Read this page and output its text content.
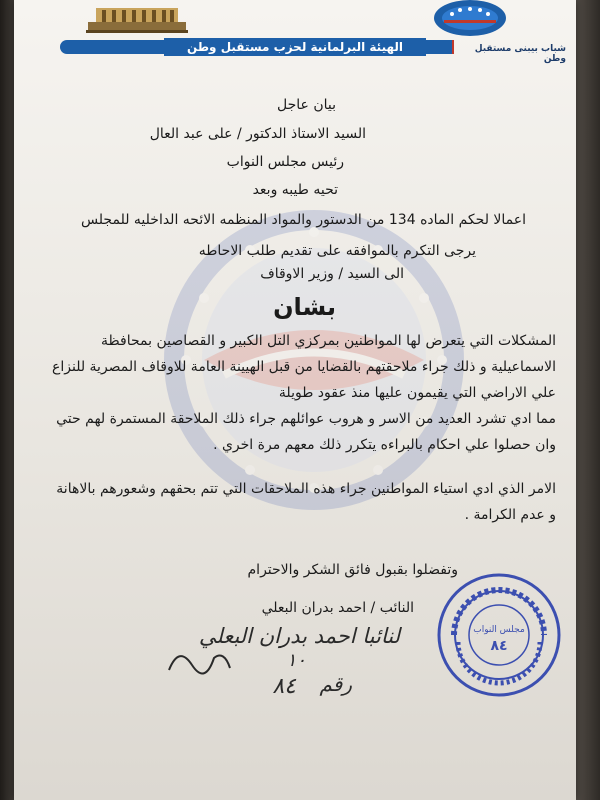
الهيئة البرلمانية لحزب مستقبل وطن	شباب بيبنى مستقبل وطن
بيان عاجل
السيد الاستاذ الدكتور / على عبد العال
رئيس مجلس النواب
تحيه طيبه وبعد
اعمالا لحكم الماده 134 من الدستور والمواد المنظمه الائحه الداخليه للمجلس
يرجى التكرم بالموافقه على تقديم طلب الاحاطه
الى السيد / وزير الاوقاف
بشان
المشكلات التي يتعرض لها المواطنين بمركزي التل الكبير و القصاصين بمحافظة الاسماعيلية و ذلك جراء ملاحقتهم بالقضايا من قبل الهيينة العامة للاوقاف المصرية للنزاع علي الاراضي التي يقيمون عليها منذ عقود طويلة
مما ادي تشرد العديد من الاسر و هروب عوائلهم جراء ذلك الملاحقة المستمرة لهم حتي وان حصلوا علي احكام بالبراءه يتكرر ذلك معهم مرة اخري .
الامر الذي ادي استياء المواطنين جراء هذه الملاحقات التي تتم بحقهم وشعورهم بالاهانة و عدم الكرامة .
وتفضلوا بقبول فائق الشكر والاحترام
النائب / احمد بدران البعلي
لنائبا احمد بدران البعلي
١٠
رقم
٨٤
مجلس النواب
٨٤
